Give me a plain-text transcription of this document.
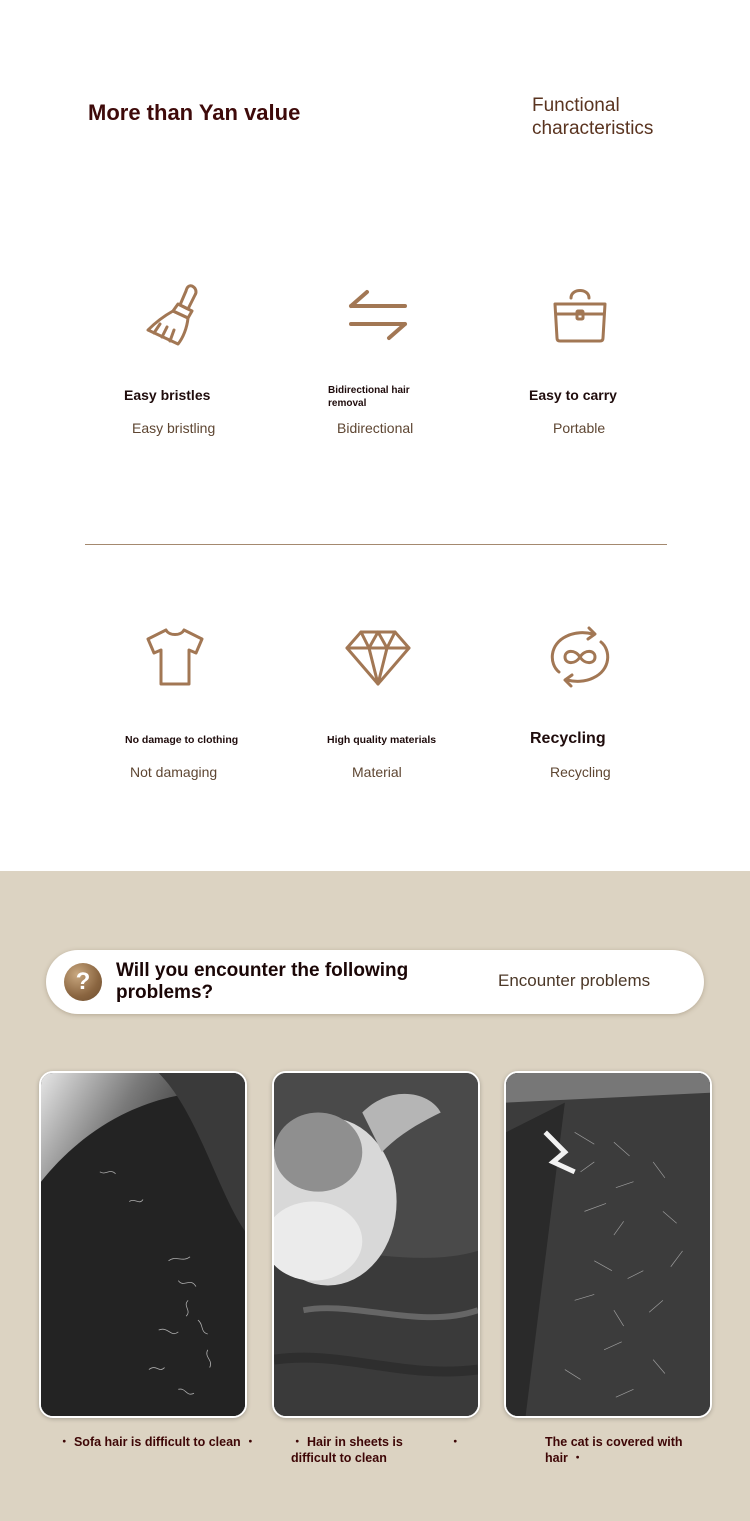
More than Yan value	Functional characteristics
Easy bristles
Easy bristling
Bidirectional hair removal
Bidirectional
Easy to carry
Portable
No damage to clothing
Not damaging
High quality materials
Material
Recycling
Recycling
?	Will you encounter the following problems?
Encounter problems
・ Sofa hair is difficult to clean ・	・ Hair in sheets is difficult to clean
・	The cat is covered with hair ・
